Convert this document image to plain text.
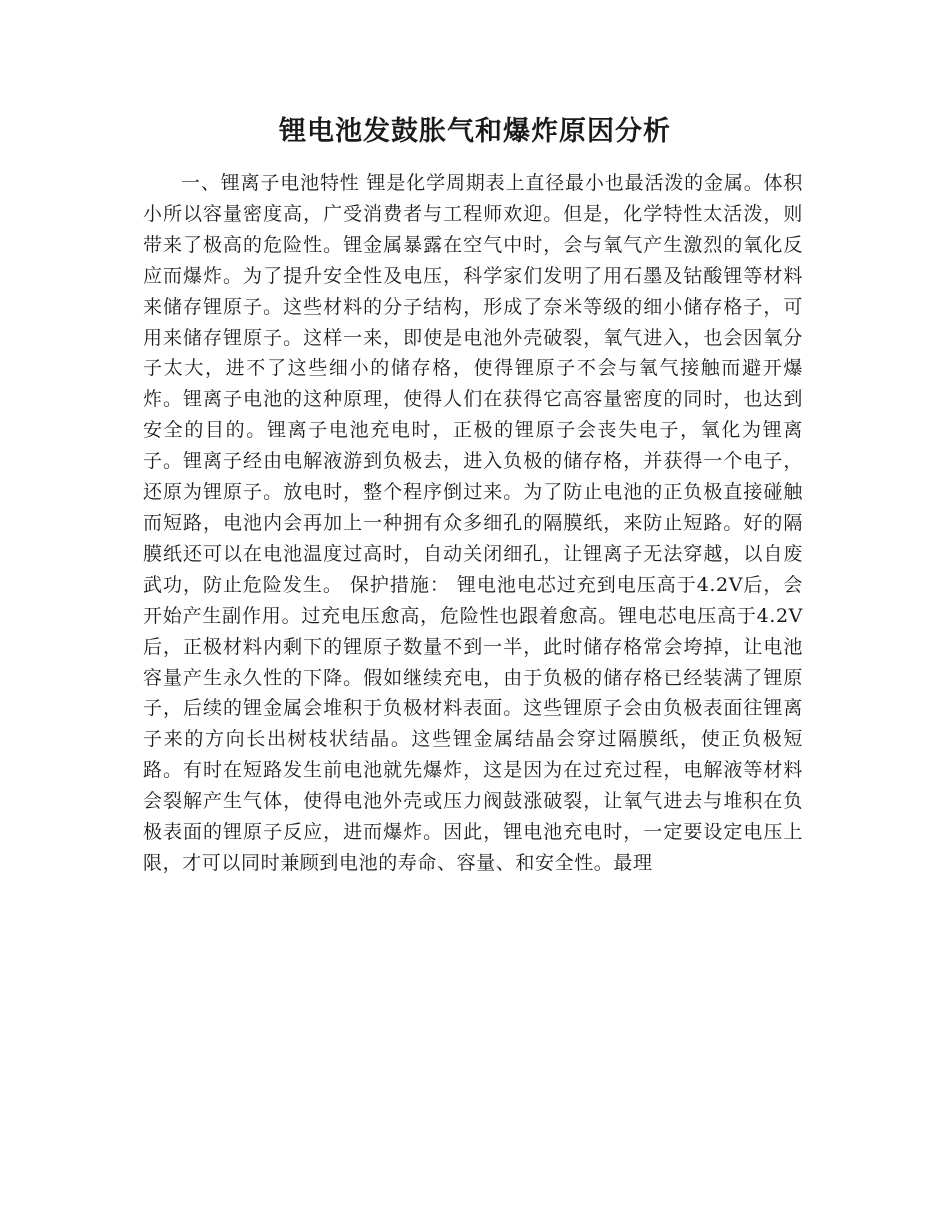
锂电池发鼓胀气和爆炸原因分析

一、锂离子电池特性 锂是化学周期表上直径最小也最活泼的金属。体积小所以容量密度高，广受消费者与工程师欢迎。但是，化学特性太活泼，则带来了极高的危险性。锂金属暴露在空气中时，会与氧气产生激烈的氧化反应而爆炸。为了提升安全性及电压，科学家们发明了用石墨及钴酸锂等材料来储存锂原子。这些材料的分子结构，形成了奈米等级的细小储存格子，可用来储存锂原子。这样一来，即使是电池外壳破裂，氧气进入，也会因氧分子太大，进不了这些细小的储存格，使得锂原子不会与氧气接触而避开爆炸。锂离子电池的这种原理，使得人们在获得它高容量密度的同时，也达到安全的目的。锂离子电池充电时，正极的锂原子会丧失电子，氧化为锂离子。锂离子经由电解液游到负极去，进入负极的储存格，并获得一个电子，还原为锂原子。放电时，整个程序倒过来。为了防止电池的正负极直接碰触而短路，电池内会再加上一种拥有众多细孔的隔膜纸，来防止短路。好的隔膜纸还可以在电池温度过高时，自动关闭细孔，让锂离子无法穿越，以自废武功，防止危险发生。 保护措施： 锂电池电芯过充到电压高于4.2V后，会开始产生副作用。过充电压愈高，危险性也跟着愈高。锂电芯电压高于4.2V后，正极材料内剩下的锂原子数量不到一半，此时储存格常会垮掉，让电池容量产生永久性的下降。假如继续充电，由于负极的储存格已经装满了锂原子，后续的锂金属会堆积于负极材料表面。这些锂原子会由负极表面往锂离子来的方向长出树枝状结晶。这些锂金属结晶会穿过隔膜纸，使正负极短路。有时在短路发生前电池就先爆炸，这是因为在过充过程，电解液等材料会裂解产生气体，使得电池外壳或压力阀鼓涨破裂，让氧气进去与堆积在负极表面的锂原子反应，进而爆炸。因此，锂电池充电时，一定要设定电压上限，才可以同时兼顾到电池的寿命、容量、和安全性。最理
